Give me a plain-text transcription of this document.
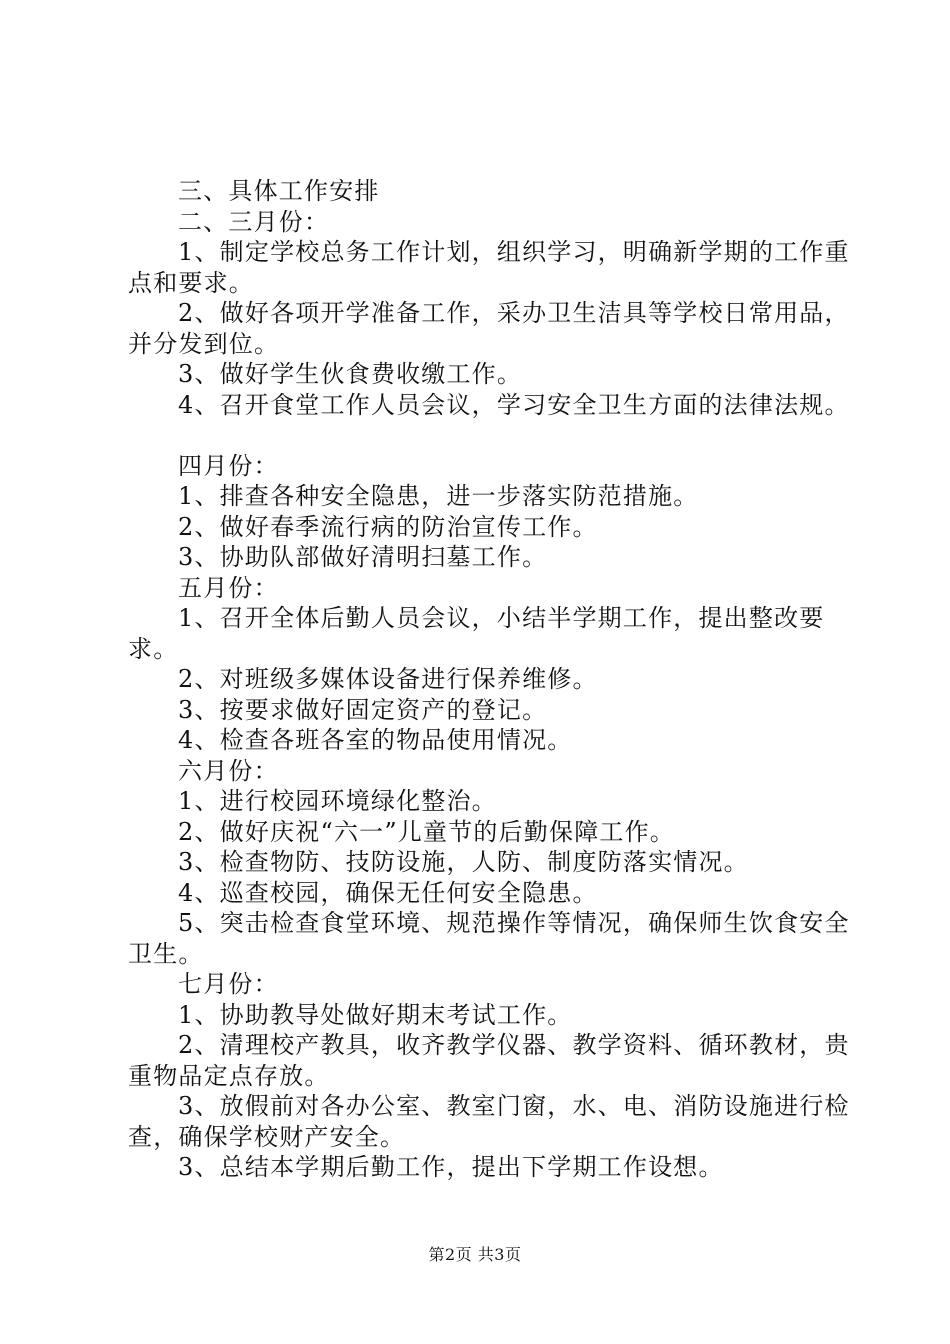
三、具体工作安排

二、三月份：

1、制定学校总务工作计划，组织学习，明确新学期的工作重点和要求。

2、做好各项开学准备工作，采办卫生洁具等学校日常用品，并分发到位。

3、做好学生伙食费收缴工作。

4、召开食堂工作人员会议，学习安全卫生方面的法律法规。

四月份：

1、排查各种安全隐患，进一步落实防范措施。

2、做好春季流行病的防治宣传工作。

3、协助队部做好清明扫墓工作。

五月份：

1、召开全体后勤人员会议，小结半学期工作，提出整改要求。

2、对班级多媒体设备进行保养维修。

3、按要求做好固定资产的登记。

4、检查各班各室的物品使用情况。

六月份：

1、进行校园环境绿化整治。

2、做好庆祝“六一”儿童节的后勤保障工作。

3、检查物防、技防设施，人防、制度防落实情况。

4、巡查校园，确保无任何安全隐患。

5、突击检查食堂环境、规范操作等情况，确保师生饮食安全卫生。

七月份：

1、协助教导处做好期末考试工作。

2、清理校产教具，收齐教学仪器、教学资料、循环教材，贵重物品定点存放。

3、放假前对各办公室、教室门窗，水、电、消防设施进行检查，确保学校财产安全。

3、总结本学期后勤工作，提出下学期工作设想。

第2页 共3页
